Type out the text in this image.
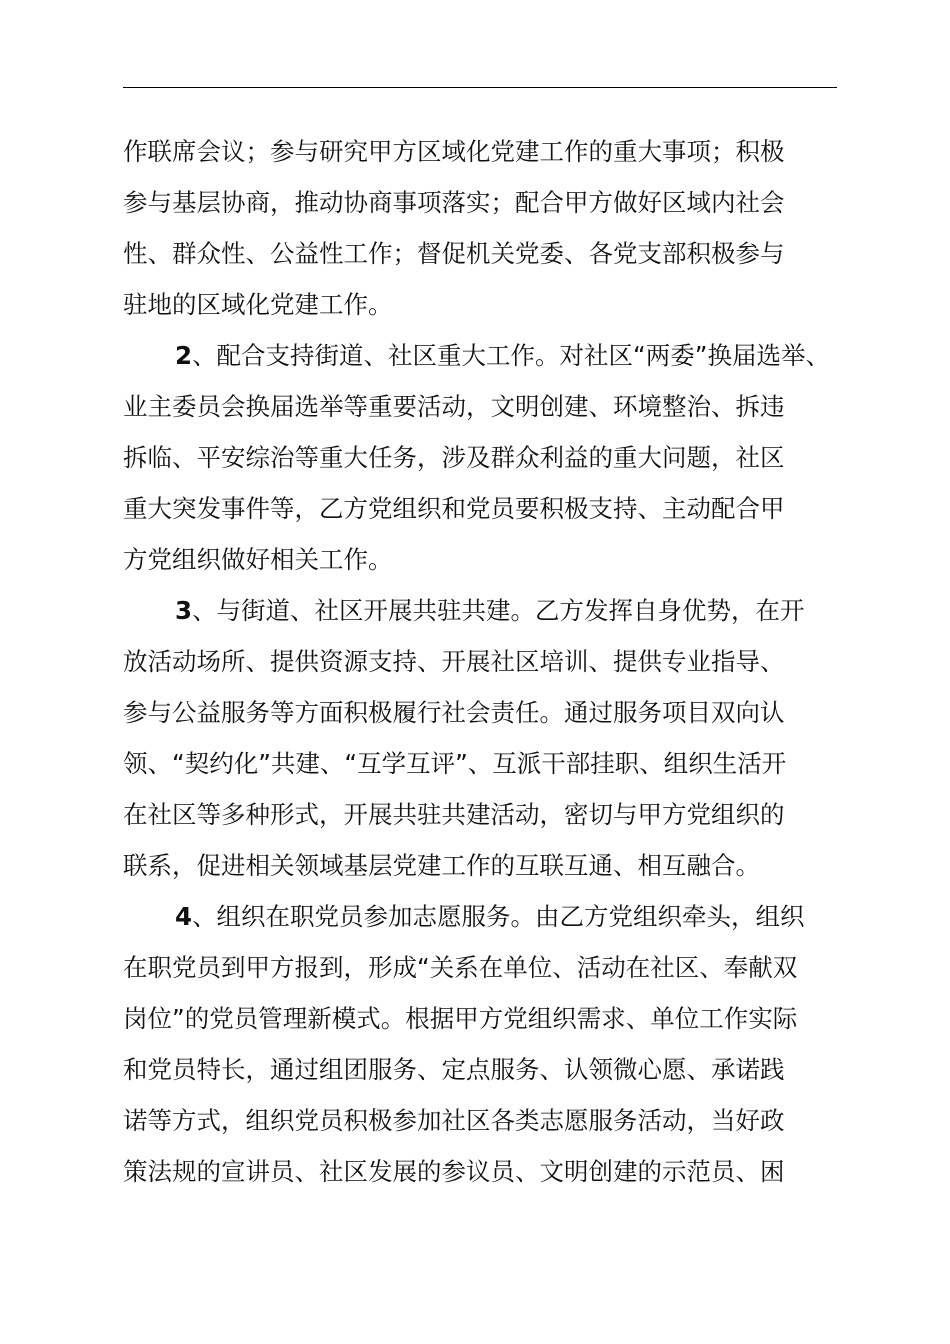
作联席会议；参与研究甲方区域化党建工作的重大事项；积极
参与基层协商，推动协商事项落实；配合甲方做好区域内社会
性、群众性、公益性工作；督促机关党委、各党支部积极参与
驻地的区域化党建工作。
2、配合支持街道、社区重大工作。对社区“两委”换届选举、
业主委员会换届选举等重要活动，文明创建、环境整治、拆违
拆临、平安综治等重大任务，涉及群众利益的重大问题，社区
重大突发事件等，乙方党组织和党员要积极支持、主动配合甲
方党组织做好相关工作。
3、与街道、社区开展共驻共建。乙方发挥自身优势，在开
放活动场所、提供资源支持、开展社区培训、提供专业指导、
参与公益服务等方面积极履行社会责任。通过服务项目双向认
领、“契约化”共建、“互学互评”、互派干部挂职、组织生活开
在社区等多种形式，开展共驻共建活动，密切与甲方党组织的
联系，促进相关领域基层党建工作的互联互通、相互融合。
4、组织在职党员参加志愿服务。由乙方党组织牵头，组织
在职党员到甲方报到，形成“关系在单位、活动在社区、奉献双
岗位”的党员管理新模式。根据甲方党组织需求、单位工作实际
和党员特长，通过组团服务、定点服务、认领微心愿、承诺践
诺等方式，组织党员积极参加社区各类志愿服务活动，当好政
策法规的宣讲员、社区发展的参议员、文明创建的示范员、困
